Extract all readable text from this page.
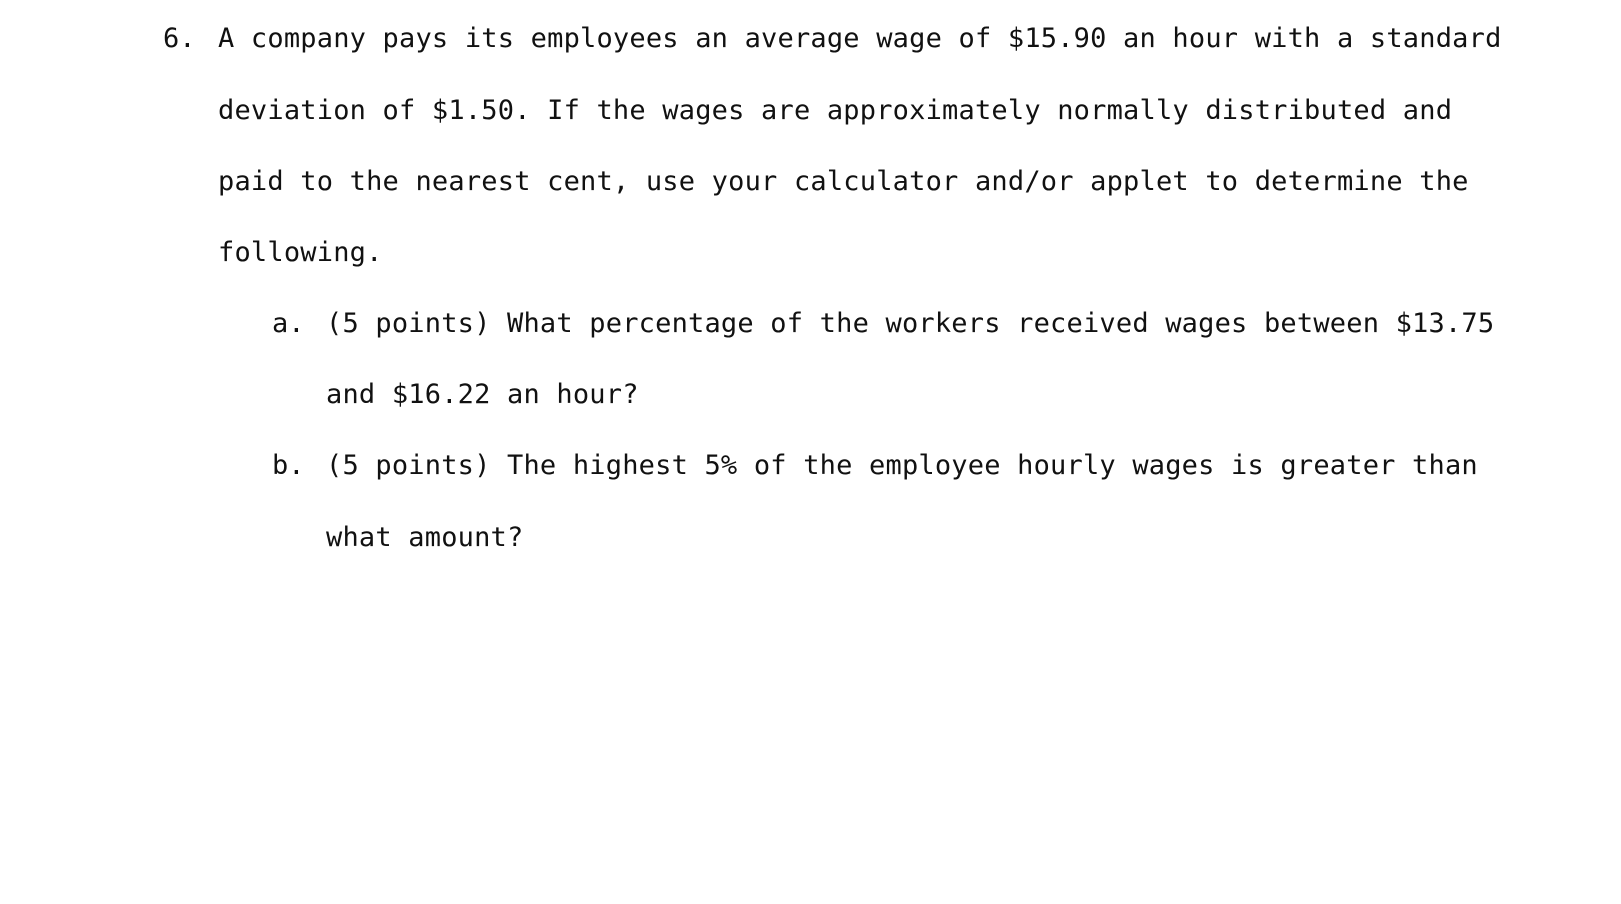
6. A company pays its employees an average wage of $15.90 an hour with a standard
deviation of $1.50. If the wages are approximately normally distributed and
paid to the nearest cent, use your calculator and/or applet to determine the
following.
a. (5 points) What percentage of the workers received wages between $13.75
and $16.22 an hour?
b. (5 points) The highest 5% of the employee hourly wages is greater than
what amount?
